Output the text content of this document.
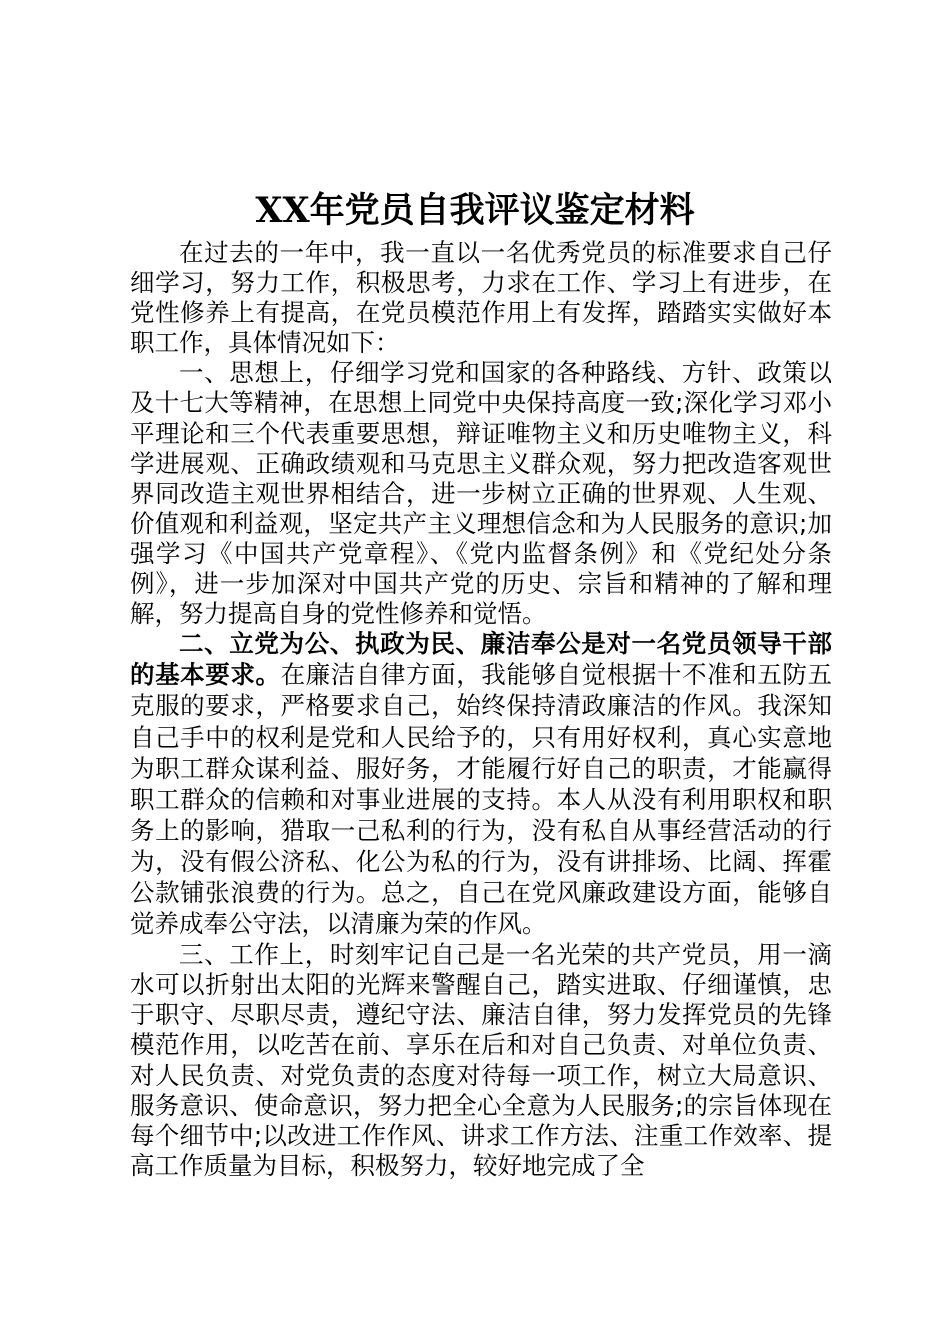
XX年党员自我评议鉴定材料

在过去的一年中，我一直以一名优秀党员的标准要求自己仔细学习，努力工作，积极思考，力求在工作、学习上有进步，在党性修养上有提高，在党员模范作用上有发挥，踏踏实实做好本职工作，具体情况如下：

一、思想上，仔细学习党和国家的各种路线、方针、政策以及十七大等精神，在思想上同党中央保持高度一致;深化学习邓小平理论和三个代表重要思想，辩证唯物主义和历史唯物主义，科学进展观、正确政绩观和马克思主义群众观，努力把改造客观世界同改造主观世界相结合，进一步树立正确的世界观、人生观、价值观和利益观，坚定共产主义理想信念和为人民服务的意识;加强学习《中国共产党章程》、《党内监督条例》和《党纪处分条例》，进一步加深对中国共产党的历史、宗旨和精神的了解和理解，努力提高自身的党性修养和觉悟。

二、立党为公、执政为民、廉洁奉公是对一名党员领导干部的基本要求。在廉洁自律方面，我能够自觉根据十不准和五防五克服的要求，严格要求自己，始终保持清政廉洁的作风。我深知自己手中的权利是党和人民给予的，只有用好权利，真心实意地为职工群众谋利益、服好务，才能履行好自己的职责，才能赢得职工群众的信赖和对事业进展的支持。本人从没有利用职权和职务上的影响，猎取一己私利的行为，没有私自从事经营活动的行为，没有假公济私、化公为私的行为，没有讲排场、比阔、挥霍公款铺张浪费的行为。总之，自己在党风廉政建设方面，能够自觉养成奉公守法，以清廉为荣的作风。

三、工作上，时刻牢记自己是一名光荣的共产党员，用一滴水可以折射出太阳的光辉来警醒自己，踏实进取、仔细谨慎，忠于职守、尽职尽责，遵纪守法、廉洁自律，努力发挥党员的先锋模范作用，以吃苦在前、享乐在后和对自己负责、对单位负责、对人民负责、对党负责的态度对待每一项工作，树立大局意识、服务意识、使命意识，努力把全心全意为人民服务;的宗旨体现在每个细节中;以改进工作作风、讲求工作方法、注重工作效率、提高工作质量为目标，积极努力，较好地完成了全
